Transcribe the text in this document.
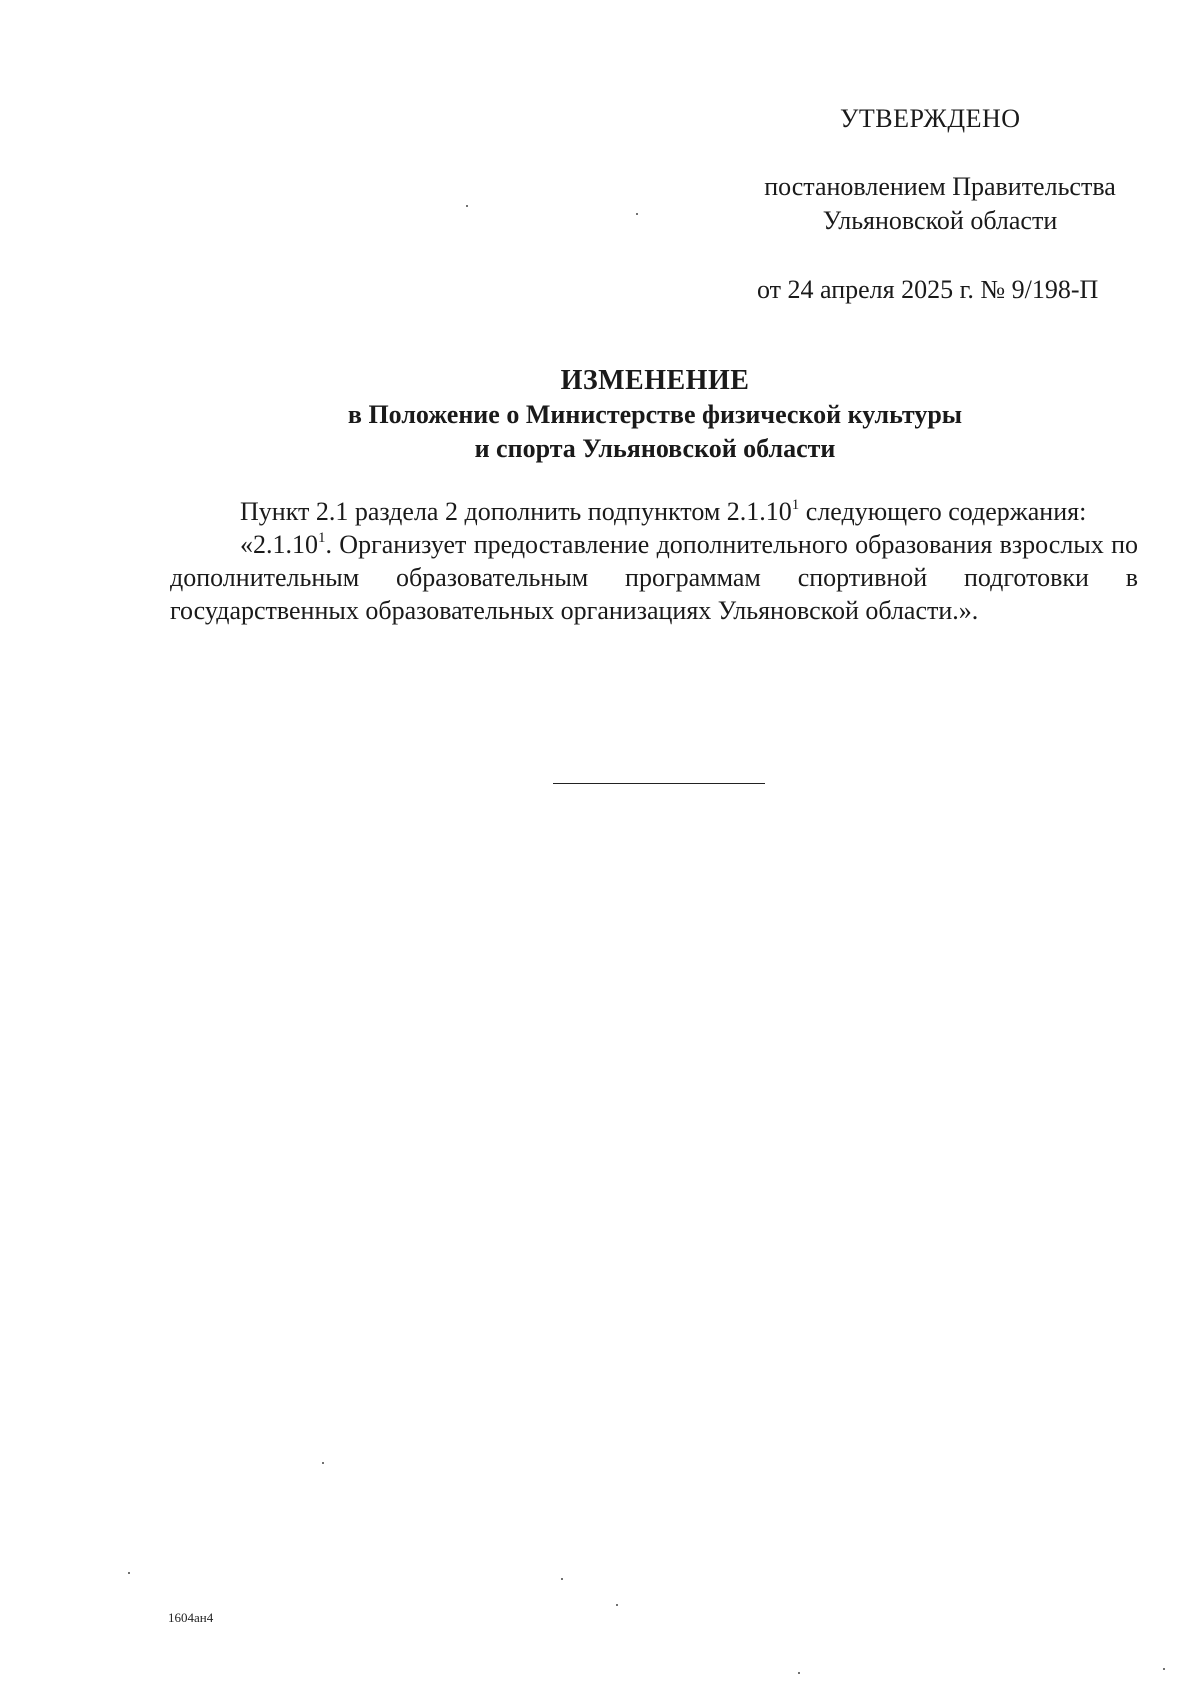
УТВЕРЖДЕНО
постановлением Правительства
Ульяновской области
от 24 апреля 2025 г. № 9/198-П
ИЗМЕНЕНИЕ
в Положение о Министерстве физической культуры
и спорта Ульяновской области

Пункт 2.1 раздела 2 дополнить подпунктом 2.1.10$^1$ следующего содержания:

«2.1.10$^1$. Организует предоставление дополнительного образования взрослых по дополнительным образовательным программам спортивной подготовки в государственных образовательных организациях Ульяновской области.».

1604ан4
